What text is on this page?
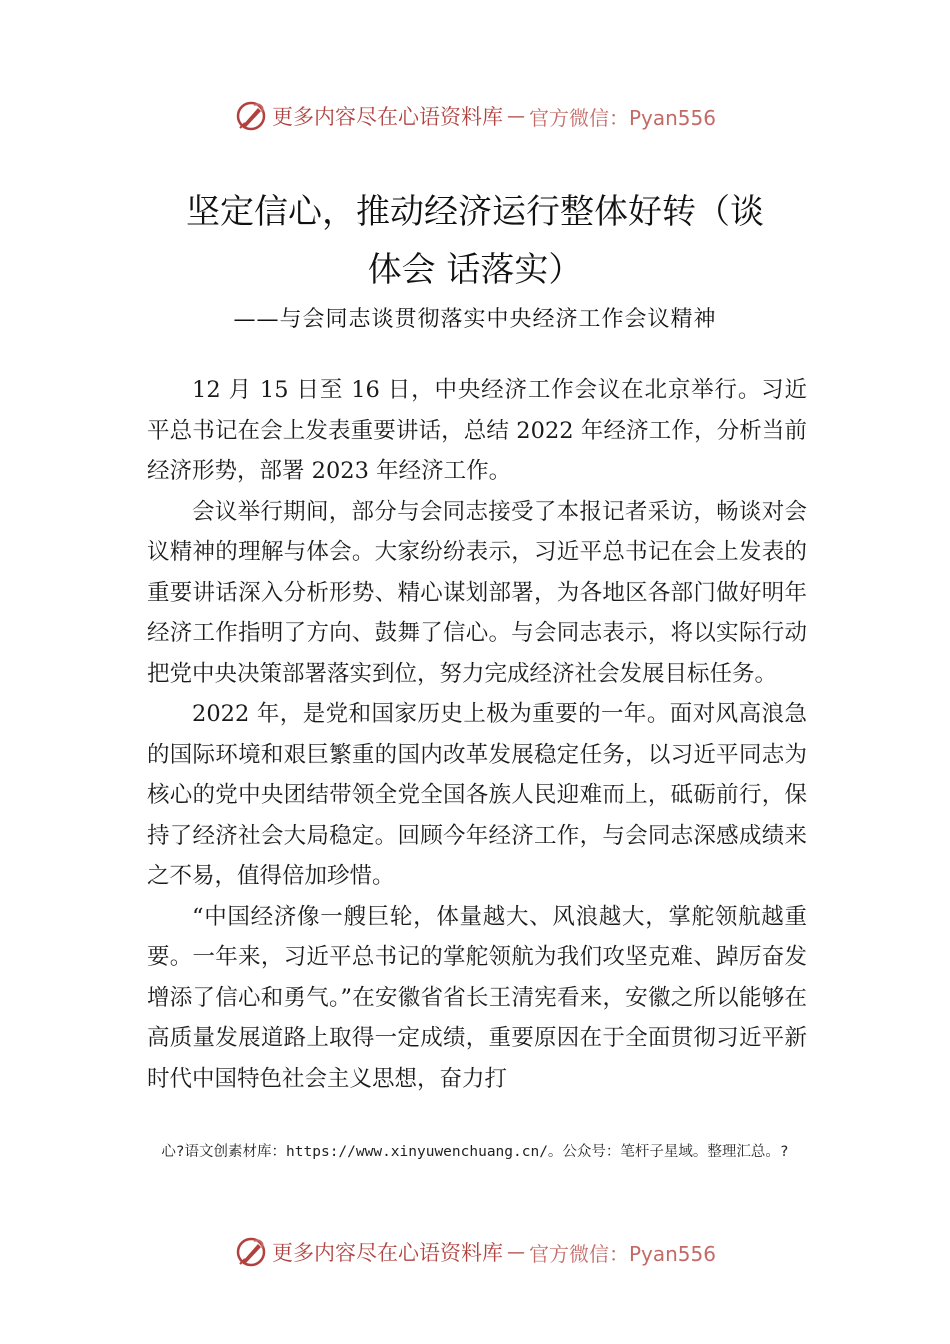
更多内容尽在心语资料库 — 官方微信：Pyan556
坚定信心，推动经济运行整体好转（谈
体会 话落实）
——与会同志谈贯彻落实中央经济工作会议精神

12 月 15 日至 16 日，中央经济工作会议在北京举行。习近平总书记在会上发表重要讲话，总结 2022 年经济工作，分析当前经济形势，部署 2023 年经济工作。

会议举行期间，部分与会同志接受了本报记者采访，畅谈对会议精神的理解与体会。大家纷纷表示，习近平总书记在会上发表的重要讲话深入分析形势、精心谋划部署，为各地区各部门做好明年经济工作指明了方向、鼓舞了信心。与会同志表示，将以实际行动把党中央决策部署落实到位，努力完成经济社会发展目标任务。

2022 年，是党和国家历史上极为重要的一年。面对风高浪急的国际环境和艰巨繁重的国内改革发展稳定任务，以习近平同志为核心的党中央团结带领全党全国各族人民迎难而上，砥砺前行，保持了经济社会大局稳定。回顾今年经济工作，与会同志深感成绩来之不易，值得倍加珍惜。

“中国经济像一艘巨轮，体量越大、风浪越大，掌舵领航越重要。一年来，习近平总书记的掌舵领航为我们攻坚克难、踔厉奋发增添了信心和勇气。”在安徽省省长王清宪看来，安徽之所以能够在高质量发展道路上取得一定成绩，重要原因在于全面贯彻习近平新时代中国特色社会主义思想，奋力打

心?语文创素材库：https://www.xinyuwenchuang.cn/。公众号：笔杆子星域。整理汇总。?
更多内容尽在心语资料库 — 官方微信：Pyan556
